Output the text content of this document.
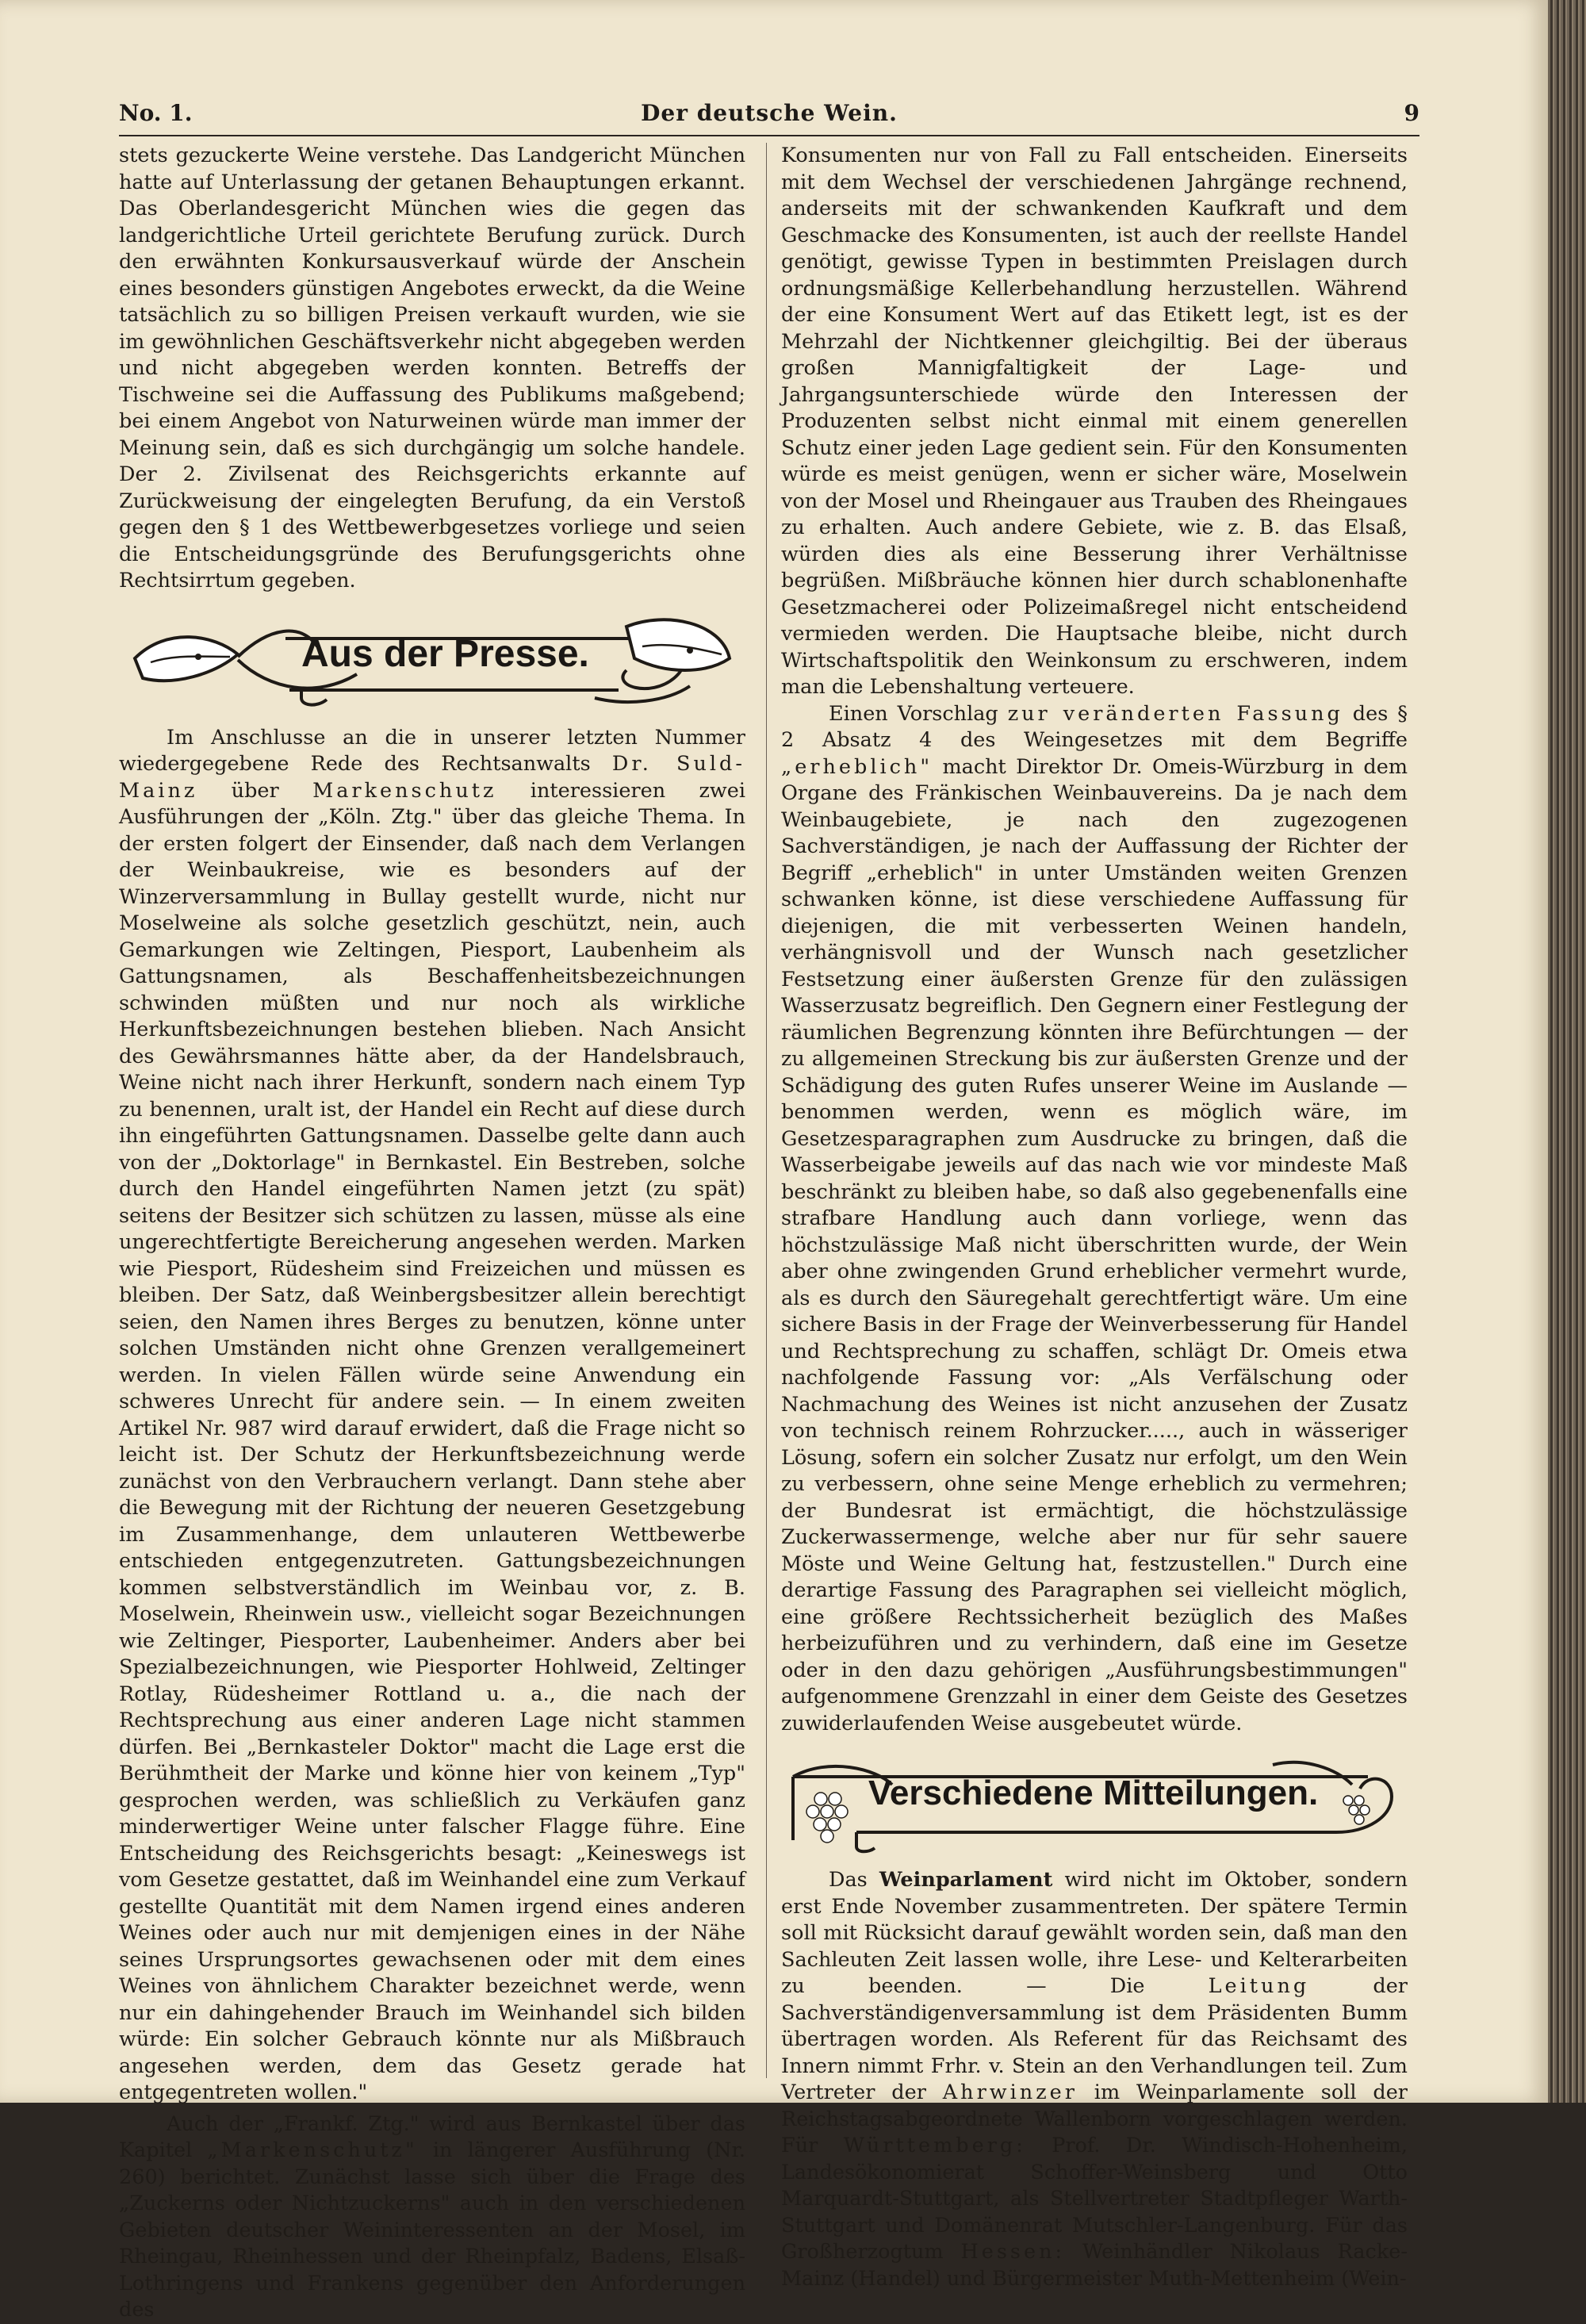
No. 1.	Der deutsche Wein.	9

stets gezuckerte Weine verstehe. Das Landgericht München hatte auf Unterlassung der getanen Behauptungen erkannt. Das Oberlandesgericht München wies die gegen das landgerichtliche Urteil gerichtete Berufung zurück. Durch den erwähnten Konkursausverkauf würde der Anschein eines besonders günstigen Angebotes erweckt, da die Weine tatsächlich zu so billigen Preisen verkauft wurden, wie sie im gewöhnlichen Geschäftsverkehr nicht abgegeben werden und nicht abgegeben werden konnten. Betreffs der Tischweine sei die Auffassung des Publikums maßgebend; bei einem Angebot von Naturweinen würde man immer der Meinung sein, daß es sich durchgängig um solche handele. Der 2. Zivilsenat des Reichsgerichts erkannte auf Zurückweisung der eingelegten Berufung, da ein Verstoß gegen den § 1 des Wettbewerbgesetzes vorliege und seien die Entscheidungsgründe des Berufungsgerichts ohne Rechtsirrtum gegeben.

Aus der Presse.

Im Anschlusse an die in unserer letzten Nummer wiedergegebene Rede des Rechtsanwalts Dr. Suld-Mainz über Markenschutz interessieren zwei Ausführungen der „Köln. Ztg." über das gleiche Thema. In der ersten folgert der Einsender, daß nach dem Verlangen der Weinbaukreise, wie es besonders auf der Winzerversammlung in Bullay gestellt wurde, nicht nur Moselweine als solche gesetzlich geschützt, nein, auch Gemarkungen wie Zeltingen, Piesport, Laubenheim als Gattungsnamen, als Beschaffenheitsbezeichnungen schwinden müßten und nur noch als wirkliche Herkunftsbezeichnungen bestehen blieben. Nach Ansicht des Gewährsmannes hätte aber, da der Handelsbrauch, Weine nicht nach ihrer Herkunft, sondern nach einem Typ zu benennen, uralt ist, der Handel ein Recht auf diese durch ihn eingeführten Gattungsnamen. Dasselbe gelte dann auch von der „Doktorlage" in Bernkastel. Ein Bestreben, solche durch den Handel eingeführten Namen jetzt (zu spät) seitens der Besitzer sich schützen zu lassen, müsse als eine ungerechtfertigte Bereicherung angesehen werden. Marken wie Piesport, Rüdesheim sind Freizeichen und müssen es bleiben. Der Satz, daß Weinbergsbesitzer allein berechtigt seien, den Namen ihres Berges zu benutzen, könne unter solchen Umständen nicht ohne Grenzen verallgemeinert werden. In vielen Fällen würde seine Anwendung ein schweres Unrecht für andere sein. — In einem zweiten Artikel Nr. 987 wird darauf erwidert, daß die Frage nicht so leicht ist. Der Schutz der Herkunftsbezeichnung werde zunächst von den Verbrauchern verlangt. Dann stehe aber die Bewegung mit der Richtung der neueren Gesetzgebung im Zusammenhange, dem unlauteren Wettbewerbe entschieden entgegenzutreten. Gattungsbezeichnungen kommen selbstverständlich im Weinbau vor, z. B. Moselwein, Rheinwein usw., vielleicht sogar Bezeichnungen wie Zeltinger, Piesporter, Laubenheimer. Anders aber bei Spezialbezeichnungen, wie Piesporter Hohlweid, Zeltinger Rotlay, Rüdesheimer Rottland u. a., die nach der Rechtsprechung aus einer anderen Lage nicht stammen dürfen. Bei „Bernkasteler Doktor" macht die Lage erst die Berühmtheit der Marke und könne hier von keinem „Typ" gesprochen werden, was schließlich zu Verkäufen ganz minderwertiger Weine unter falscher Flagge führe. Eine Entscheidung des Reichsgerichts besagt: „Keineswegs ist vom Gesetze gestattet, daß im Weinhandel eine zum Verkauf gestellte Quantität mit dem Namen irgend eines anderen Weines oder auch nur mit demjenigen eines in der Nähe seines Ursprungsortes gewachsenen oder mit dem eines Weines von ähnlichem Charakter bezeichnet werde, wenn nur ein dahingehender Brauch im Weinhandel sich bilden würde: Ein solcher Gebrauch könnte nur als Mißbrauch angesehen werden, dem das Gesetz gerade hat entgegentreten wollen."

Auch der „Frankf. Ztg." wird aus Bernkastel über das Kapitel „Markenschutz" in längerer Ausführung (Nr. 260) berichtet. Zunächst lasse sich über die Frage des „Zuckerns oder Nichtzuckerns" auch in den verschiedenen Gebieten deutscher Weininteressenten an der Mosel, im Rheingau, Rheinhessen und der Rheinpfalz, Badens, Elsaß-Lothringens und Frankens gegenüber den Anforderungen des

Konsumenten nur von Fall zu Fall entscheiden. Einerseits mit dem Wechsel der verschiedenen Jahrgänge rechnend, anderseits mit der schwankenden Kaufkraft und dem Geschmacke des Konsumenten, ist auch der reellste Handel genötigt, gewisse Typen in bestimmten Preislagen durch ordnungsmäßige Kellerbehandlung herzustellen. Während der eine Konsument Wert auf das Etikett legt, ist es der Mehrzahl der Nichtkenner gleichgiltig. Bei der überaus großen Mannigfaltigkeit der Lage- und Jahrgangsunterschiede würde den Interessen der Produzenten selbst nicht einmal mit einem generellen Schutz einer jeden Lage gedient sein. Für den Konsumenten würde es meist genügen, wenn er sicher wäre, Moselwein von der Mosel und Rheingauer aus Trauben des Rheingaues zu erhalten. Auch andere Gebiete, wie z. B. das Elsaß, würden dies als eine Besserung ihrer Verhältnisse begrüßen. Mißbräuche können hier durch schablonenhafte Gesetzmacherei oder Polizeimaßregel nicht entscheidend vermieden werden. Die Hauptsache bleibe, nicht durch Wirtschaftspolitik den Weinkonsum zu erschweren, indem man die Lebenshaltung verteuere.

Einen Vorschlag zur veränderten Fassung des § 2 Absatz 4 des Weingesetzes mit dem Begriffe „erheblich" macht Direktor Dr. Omeis-Würzburg in dem Organe des Fränkischen Weinbauvereins. Da je nach dem Weinbaugebiete, je nach den zugezogenen Sachverständigen, je nach der Auffassung der Richter der Begriff „erheblich" in unter Umständen weiten Grenzen schwanken könne, ist diese verschiedene Auffassung für diejenigen, die mit verbesserten Weinen handeln, verhängnisvoll und der Wunsch nach gesetzlicher Festsetzung einer äußersten Grenze für den zulässigen Wasserzusatz begreiflich. Den Gegnern einer Festlegung der räumlichen Begrenzung könnten ihre Befürchtungen — der zu allgemeinen Streckung bis zur äußersten Grenze und der Schädigung des guten Rufes unserer Weine im Auslande — benommen werden, wenn es möglich wäre, im Gesetzesparagraphen zum Ausdrucke zu bringen, daß die Wasserbeigabe jeweils auf das nach wie vor mindeste Maß beschränkt zu bleiben habe, so daß also gegebenenfalls eine strafbare Handlung auch dann vorliege, wenn das höchstzulässige Maß nicht überschritten wurde, der Wein aber ohne zwingenden Grund erheblicher vermehrt wurde, als es durch den Säuregehalt gerechtfertigt wäre. Um eine sichere Basis in der Frage der Weinverbesserung für Handel und Rechtsprechung zu schaffen, schlägt Dr. Omeis etwa nachfolgende Fassung vor: „Als Verfälschung oder Nachmachung des Weines ist nicht anzusehen der Zusatz von technisch reinem Rohrzucker....., auch in wässeriger Lösung, sofern ein solcher Zusatz nur erfolgt, um den Wein zu verbessern, ohne seine Menge erheblich zu vermehren; der Bundesrat ist ermächtigt, die höchstzulässige Zuckerwassermenge, welche aber nur für sehr sauere Möste und Weine Geltung hat, festzustellen." Durch eine derartige Fassung des Paragraphen sei vielleicht möglich, eine größere Rechtssicherheit bezüglich des Maßes herbeizuführen und zu verhindern, daß eine im Gesetze oder in den dazu gehörigen „Ausführungsbestimmungen" aufgenommene Grenzzahl in einer dem Geiste des Gesetzes zuwiderlaufenden Weise ausgebeutet würde.

Verschiedene Mitteilungen.

Das Weinparlament wird nicht im Oktober, sondern erst Ende November zusammentreten. Der spätere Termin soll mit Rücksicht darauf gewählt worden sein, daß man den Sachleuten Zeit lassen wolle, ihre Lese- und Kelterarbeiten zu beenden. — Die Leitung der Sachverständigenversammlung ist dem Präsidenten Bumm übertragen worden. Als Referent für das Reichsamt des Innern nimmt Frhr. v. Stein an den Verhandlungen teil. Zum Vertreter der Ahrwinzer im Weinparlamente soll der Reichstagsabgeordnete Wallenborn vorgeschlagen werden. Für Württemberg: Prof. Dr. Windisch-Hohenheim, Landesökonomierat Schoffer-Weinsberg und Otto Marquardt-Stuttgart, als Stellvertreter Stadtpfleger Warth-Stuttgart und Domänenrat Mutschler-Langenburg. Für das Großherzogtum Hessen: Weinhändler Nikolaus Racke-Mainz (Handel) und Bürgermeister Muth-Mettenheim (Wein-
